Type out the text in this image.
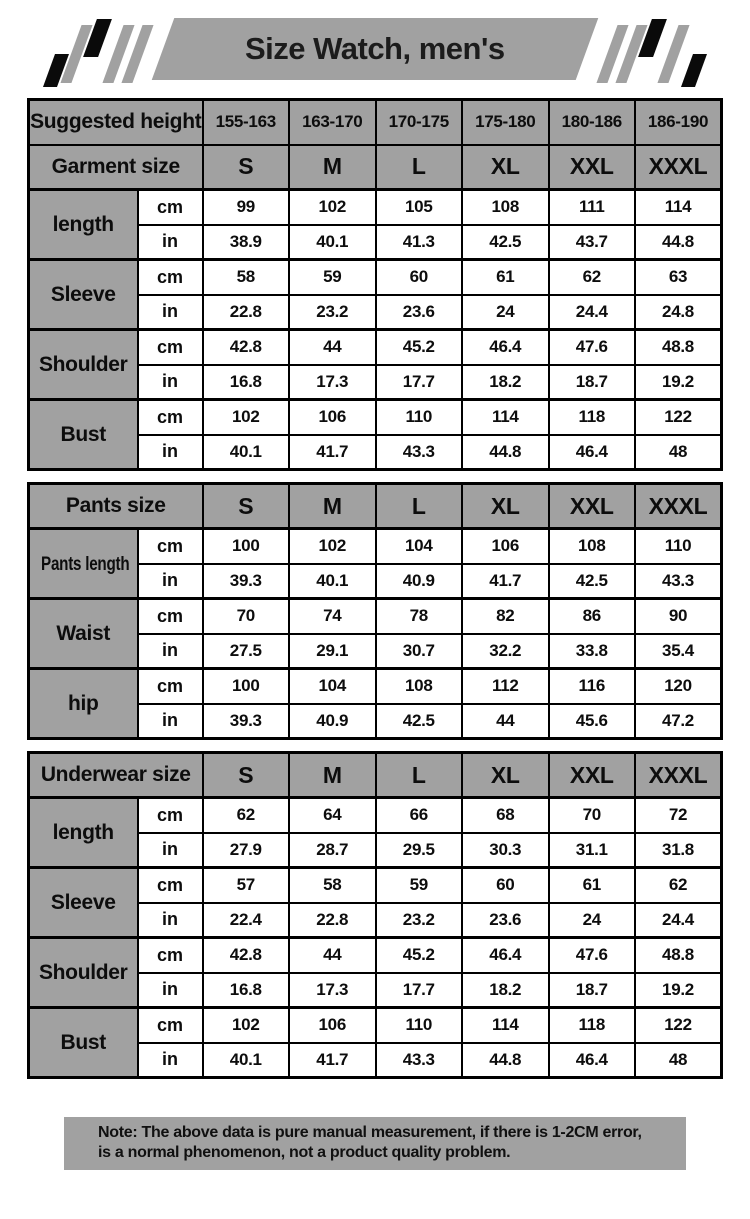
Size Watch, men's
Suggested height		155-163	163-170	170-175	175-180	180-186	186-190
Garment size		S	M	L	XL	XXL	XXXL
length	cm	99	102	105	108	111	114
	in	38.9	40.1	41.3	42.5	43.7	44.8
Sleeve	cm	58	59	60	61	62	63
	in	22.8	23.2	23.6	24	24.4	24.8
Shoulder	cm	42.8	44	45.2	46.4	47.6	48.8
	in	16.8	17.3	17.7	18.2	18.7	19.2
Bust	cm	102	106	110	114	118	122
	in	40.1	41.7	43.3	44.8	46.4	48
Pants size		S	M	L	XL	XXL	XXXL
Pants length	cm	100	102	104	106	108	110
	in	39.3	40.1	40.9	41.7	42.5	43.3
Waist	cm	70	74	78	82	86	90
	in	27.5	29.1	30.7	32.2	33.8	35.4
hip	cm	100	104	108	112	116	120
	in	39.3	40.9	42.5	44	45.6	47.2
Underwear size		S	M	L	XL	XXL	XXXL
length	cm	62	64	66	68	70	72
	in	27.9	28.7	29.5	30.3	31.1	31.8
Sleeve	cm	57	58	59	60	61	62
	in	22.4	22.8	23.2	23.6	24	24.4
Shoulder	cm	42.8	44	45.2	46.4	47.6	48.8
	in	16.8	17.3	17.7	18.2	18.7	19.2
Bust	cm	102	106	110	114	118	122
	in	40.1	41.7	43.3	44.8	46.4	48
Note: The above data is pure manual measurement, if there is 1-2CM error,
is a normal phenomenon, not a product quality problem.
